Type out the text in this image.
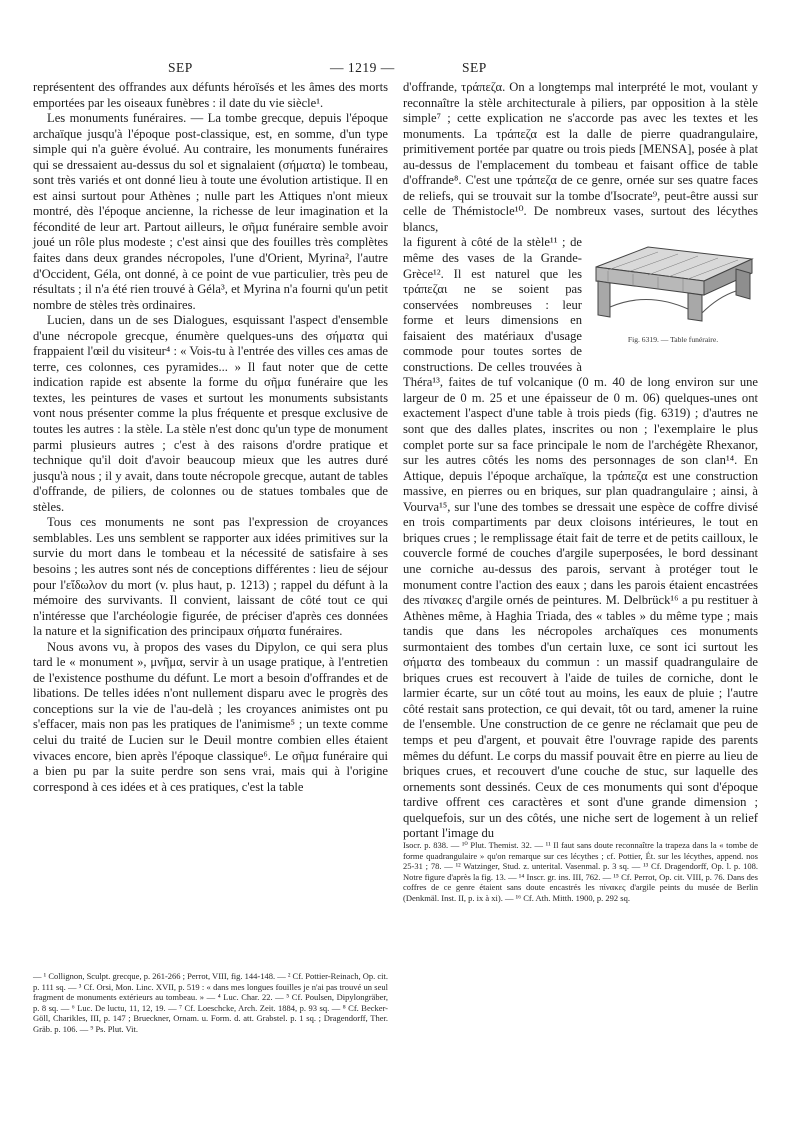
SEP	— 1219 —	SEP

représentent des offrandes aux défunts héroïsés et les âmes des morts emportées par les oiseaux funèbres : il date du vie siècle¹.

Les monuments funéraires. — La tombe grecque, depuis l'époque archaïque jusqu'à l'époque post-classique, est, en somme, d'un type simple qui n'a guère évolué. Au contraire, les monuments funéraires qui se dressaient au-dessus du sol et signalaient (σήματα) le tombeau, sont très variés et ont donné lieu à toute une évolution artistique. Il en est ainsi surtout pour Athènes ; nulle part les Attiques n'ont mieux montré, dès l'époque ancienne, la richesse de leur imagination et la fécondité de leur art. Partout ailleurs, le σῆμα funéraire semble avoir joué un rôle plus modeste ; c'est ainsi que des fouilles très complètes faites dans deux grandes nécropoles, l'une d'Orient, Myrina², l'autre d'Occident, Géla, ont donné, à ce point de vue particulier, très peu de résultats ; il n'a été rien trouvé à Géla³, et Myrina n'a fourni qu'un petit nombre de stèles très ordinaires.

Lucien, dans un de ses Dialogues, esquissant l'aspect d'ensemble d'une nécropole grecque, énumère quelques-uns des σήματα qui frappaient l'œil du visiteur⁴ : « Vois-tu à l'entrée des villes ces amas de terre, ces colonnes, ces pyramides... » Il faut noter que de cette indication rapide est absente la forme du σῆμα funéraire que les textes, les peintures de vases et surtout les monuments subsistants vont nous présenter comme la plus fréquente et presque exclusive de toutes les autres : la stèle. La stèle n'est donc qu'un type de monument parmi plusieurs autres ; c'est à des raisons d'ordre pratique et technique qu'il doit d'avoir beaucoup mieux que les autres duré jusqu'à nous ; il y avait, dans toute nécropole grecque, autant de tables d'offrande, de piliers, de colonnes ou de statues tombales que de stèles.

Tous ces monuments ne sont pas l'expression de croyances semblables. Les uns semblent se rapporter aux idées primitives sur la survie du mort dans le tombeau et la nécessité de satisfaire à ses besoins ; les autres sont nés de conceptions différentes : lieu de séjour pour l'εἴδωλον du mort (v. plus haut, p. 1213) ; rappel du défunt à la mémoire des survivants. Il convient, laissant de côté tout ce qui n'intéresse que l'archéologie figurée, de préciser d'après ces données la nature et la signification des principaux σήματα funéraires.

Nous avons vu, à propos des vases du Dipylon, ce qui sera plus tard le « monument », μνῆμα, servir à un usage pratique, à l'entretien de l'existence posthume du défunt. Le mort a besoin d'offrandes et de libations. De telles idées n'ont nullement disparu avec le progrès des conceptions sur la vie de l'au-delà ; les croyances animistes ont pu s'effacer, mais non pas les pratiques de l'animisme⁵ ; un texte comme celui du traité de Lucien sur le Deuil montre combien elles étaient vivaces encore, bien après l'époque classique⁶. Le σῆμα funéraire qui a bien pu par la suite perdre son sens vrai, mais qui à l'origine correspond à ces idées et à ces pratiques, c'est la table

d'offrande, τράπεζα. On a longtemps mal interprété le mot, voulant y reconnaître la stèle architecturale à piliers, par opposition à la stèle simple⁷ ; cette explication ne s'accorde pas avec les textes et les monuments. La τράπεζα est la dalle de pierre quadrangulaire, primitivement portée par quatre ou trois pieds [MENSA], posée à plat au-dessus de l'emplacement du tombeau et faisant office de table d'offrande⁸. C'est une τράπεζα de ce genre, ornée sur ses quatre faces de reliefs, qui se trouvait sur la tombe d'Isocrate⁹, peut-être aussi sur celle de Thémistocle¹⁰. De nombreux vases, surtout des lécythes blancs,

Fig. 6319. — Table funéraire.

la figurent à côté de la stèle¹¹ ; de même des vases de la Grande-Grèce¹². Il est naturel que les τράπεζαι ne se soient pas conservées nombreuses : leur forme et leurs dimensions en faisaient des matériaux d'usage commode pour toutes sortes de constructions. De celles trouvées à Théra¹³, faites de tuf volcanique (0 m. 40 de long environ sur une largeur de 0 m. 25 et une épaisseur de 0 m. 06) quelques-unes ont exactement l'aspect d'une table à trois pieds (fig. 6319) ; d'autres ne sont que des dalles plates, inscrites ou non ; l'exemplaire le plus complet porte sur sa face principale le nom de l'archégète Rhexanor, sur les autres côtés les noms des personnages de son clan¹⁴. En Attique, depuis l'époque archaïque, la τράπεζα est une construction massive, en pierres ou en briques, sur plan quadrangulaire ; ainsi, à Vourva¹⁵, sur l'une des tombes se dressait une espèce de coffre divisé en trois compartiments par deux cloisons intérieures, le tout en briques crues ; le remplissage était fait de terre et de petits cailloux, le couvercle formé de couches d'argile superposées, le bord dessinant une corniche au-dessus des parois, servant à protéger tout le monument contre l'action des eaux ; dans les parois étaient encastrées des πίνακες d'argile ornés de peintures. M. Delbrück¹⁶ a pu restituer à Athènes même, à Haghia Triada, des « tables » du même type ; mais tandis que dans les nécropoles archaïques ces monuments surmontaient des tombes d'un certain luxe, ce sont ici surtout les σήματα des tombeaux du commun : un massif quadrangulaire de briques crues est recouvert à l'aide de tuiles de corniche, dont le larmier écarte, sur un côté tout au moins, les eaux de pluie ; l'autre côté restait sans protection, ce qui devait, tôt ou tard, amener la ruine de l'ensemble. Une construction de ce genre ne réclamait que peu de temps et peu d'argent, et pouvait être l'ouvrage rapide des parents mêmes du défunt. Le corps du massif pouvait être en pierre au lieu de briques crues, et recouvert d'une couche de stuc, sur laquelle des ornements sont dessinés. Ceux de ces monuments qui sont d'époque tardive offrent ces caractères et sont d'une grande dimension ; quelquefois, sur un des côtés, une niche sert de logement à un relief portant l'image du

— ¹ Collignon, Sculpt. grecque, p. 261-266 ; Perrot, VIII, fig. 144-148. — ² Cf. Pottier-Reinach, Op. cit. p. 111 sq. — ³ Cf. Orsi, Mon. Linc. XVII, p. 519 : « dans mes longues fouilles je n'ai pas trouvé un seul fragment de monuments extérieurs au tombeau. » — ⁴ Luc. Char. 22. — ⁵ Cf. Poulsen, Dipylongräber, p. 8 sq. — ⁶ Luc. De luctu, 11, 12, 19. — ⁷ Cf. Loeschcke, Arch. Zeit. 1884, p. 93 sq. — ⁸ Cf. Becker-Göll, Charikles, III, p. 147 ; Brueckner, Ornam. u. Form. d. att. Grabstel. p. 1 sq. ; Dragendorff, Ther. Gräb. p. 106. — ⁹ Ps. Plut. Vit.
Isocr. p. 838. — ¹⁰ Plut. Themist. 32. — ¹¹ Il faut sans doute reconnaître la trapeza dans la « tombe de forme quadrangulaire » qu'on remarque sur ces lécythes ; cf. Pottier, Ét. sur les lécythes, append. nos 25-31 ; 78. — ¹² Watzinger, Stud. z. unterital. Vasenmal. p. 3 sq. — ¹³ Cf. Dragendorff, Op. l. p. 108. Notre figure d'après la fig. 13. — ¹⁴ Inscr. gr. ins. III, 762. — ¹⁵ Cf. Perrot, Op. cit. VIII, p. 76. Dans des coffres de ce genre étaient sans doute encastrés les πίνακες d'argile peints du musée de Berlin (Denkmäl. Inst. II, p. ix à xi). — ¹⁶ Cf. Ath. Mitth. 1900, p. 292 sq.
